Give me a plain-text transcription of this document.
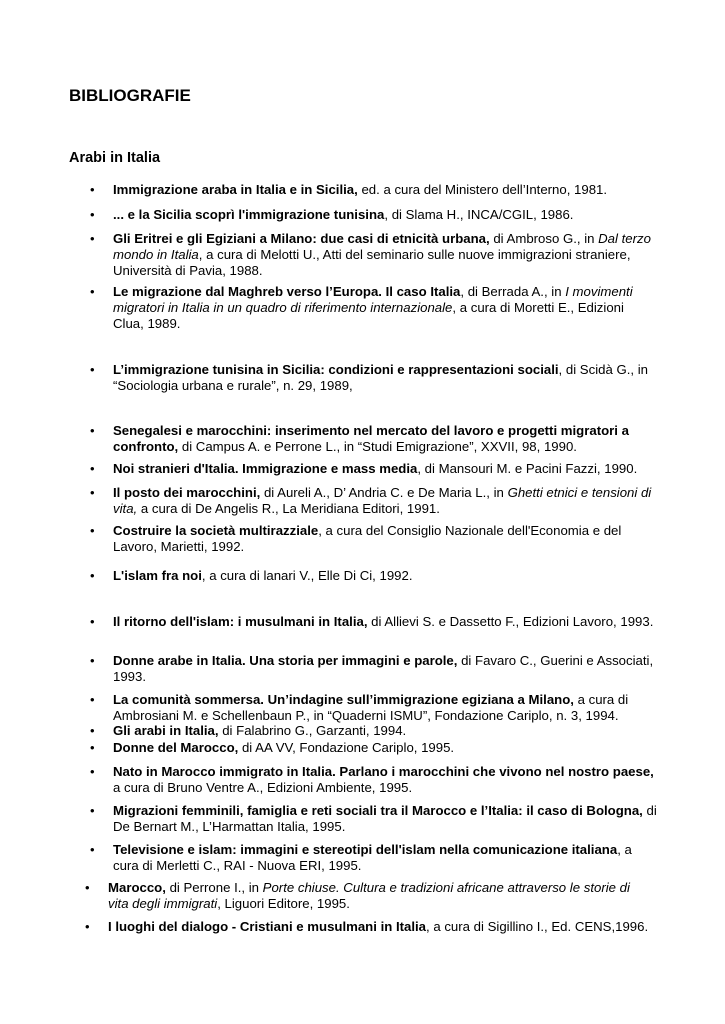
BIBLIOGRAFIE
Arabi in Italia
• Immigrazione araba in Italia e in Sicilia, ed. a cura del Ministero dell’Interno, 1981.
• ... e la Sicilia scoprì l'immigrazione tunisina, di Slama H., INCA/CGIL, 1986.
• Gli Eritrei e gli Egiziani a Milano: due casi di etnicità urbana, di Ambroso G., in Dal terzo mondo in Italia, a cura di Melotti U., Atti del seminario sulle nuove immigrazioni straniere, Università di Pavia, 1988.
• Le migrazione dal Maghreb verso l’Europa. Il caso Italia, di Berrada A., in I movimenti migratori in Italia in un quadro di riferimento internazionale, a cura di Moretti E., Edizioni Clua, 1989.
• L’immigrazione tunisina in Sicilia: condizioni e rappresentazioni sociali, di Scidà G., in “Sociologia urbana e rurale”, n. 29, 1989,
• Senegalesi e marocchini: inserimento nel mercato del lavoro e progetti migratori a confronto, di Campus A. e Perrone L., in “Studi Emigrazione”, XXVII, 98, 1990.
• Noi stranieri d'Italia. Immigrazione e mass media, di Mansouri M. e Pacini Fazzi, 1990.
• Il posto dei marocchini, di Aureli A., D’ Andria C. e De Maria L., in Ghetti etnici e tensioni di vita, a cura di De Angelis R., La Meridiana Editori, 1991.
• Costruire la società multirazziale, a cura del Consiglio Nazionale dell'Economia e del Lavoro, Marietti, 1992.
• L'islam fra noi, a cura di lanari V., Elle Di Ci, 1992.
• Il ritorno dell'islam: i musulmani in Italia, di Allievi S. e Dassetto F., Edizioni Lavoro, 1993.
• Donne arabe in Italia. Una storia per immagini e parole, di Favaro C., Guerini e Associati, 1993.
• La comunità sommersa. Un’indagine sull’immigrazione egiziana a Milano, a cura di Ambrosiani M. e Schellenbaun P., in “Quaderni ISMU”, Fondazione Cariplo, n. 3, 1994.
• Gli arabi in Italia, di Falabrino G., Garzanti, 1994.
• Donne del Marocco, di AA VV, Fondazione Cariplo, 1995.
• Nato in Marocco immigrato in Italia. Parlano i marocchini che vivono nel nostro paese, a cura di Bruno Ventre A., Edizioni Ambiente, 1995.
• Migrazioni femminili, famiglia e reti sociali tra il Marocco e l’Italia: il caso di Bologna, di De Bernart M., L’Harmattan Italia, 1995.
• Televisione e islam: immagini e stereotipi dell'islam nella comunicazione italiana, a cura di Merletti C., RAI - Nuova ERI, 1995.
• Marocco, di Perrone I., in Porte chiuse. Cultura e tradizioni africane attraverso le storie di vita degli immigrati, Liguori Editore, 1995.
• I luoghi del dialogo - Cristiani e musulmani in Italia, a cura di Sigillino I., Ed. CENS,1996.
